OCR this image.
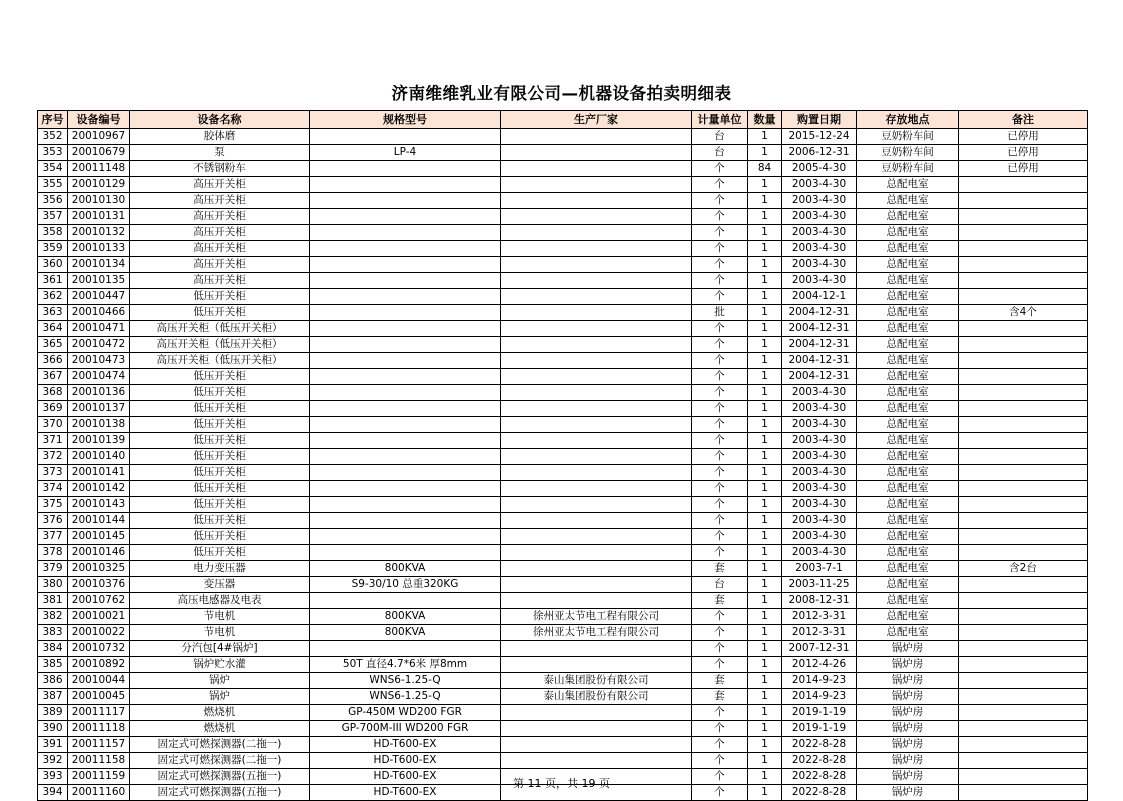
济南维维乳业有限公司—机器设备拍卖明细表
序号	设备编号	设备名称	规格型号	生产厂家	计量单位	数量	购置日期	存放地点	备注
352	20010967	胶体磨			台	1	2015-12-24	豆奶粉车间	已停用
353	20010679	泵	LP-4		台	1	2006-12-31	豆奶粉车间	已停用
354	20011148	不锈钢粉车			个	84	2005-4-30	豆奶粉车间	已停用
355	20010129	高压开关柜			个	1	2003-4-30	总配电室	
356	20010130	高压开关柜			个	1	2003-4-30	总配电室	
357	20010131	高压开关柜			个	1	2003-4-30	总配电室	
358	20010132	高压开关柜			个	1	2003-4-30	总配电室	
359	20010133	高压开关柜			个	1	2003-4-30	总配电室	
360	20010134	高压开关柜			个	1	2003-4-30	总配电室	
361	20010135	高压开关柜			个	1	2003-4-30	总配电室	
362	20010447	低压开关柜			个	1	2004-12-1	总配电室	
363	20010466	低压开关柜			批	1	2004-12-31	总配电室	含4个
364	20010471	高压开关柜（低压开关柜）			个	1	2004-12-31	总配电室	
365	20010472	高压开关柜（低压开关柜）			个	1	2004-12-31	总配电室	
366	20010473	高压开关柜（低压开关柜）			个	1	2004-12-31	总配电室	
367	20010474	低压开关柜			个	1	2004-12-31	总配电室	
368	20010136	低压开关柜			个	1	2003-4-30	总配电室	
369	20010137	低压开关柜			个	1	2003-4-30	总配电室	
370	20010138	低压开关柜			个	1	2003-4-30	总配电室	
371	20010139	低压开关柜			个	1	2003-4-30	总配电室	
372	20010140	低压开关柜			个	1	2003-4-30	总配电室	
373	20010141	低压开关柜			个	1	2003-4-30	总配电室	
374	20010142	低压开关柜			个	1	2003-4-30	总配电室	
375	20010143	低压开关柜			个	1	2003-4-30	总配电室	
376	20010144	低压开关柜			个	1	2003-4-30	总配电室	
377	20010145	低压开关柜			个	1	2003-4-30	总配电室	
378	20010146	低压开关柜			个	1	2003-4-30	总配电室	
379	20010325	电力变压器	800KVA		套	1	2003-7-1	总配电室	含2台
380	20010376	变压器	S9-30/10 总重320KG		台	1	2003-11-25	总配电室	
381	20010762	高压电感器及电表			套	1	2008-12-31	总配电室	
382	20010021	节电机	800KVA	徐州亚太节电工程有限公司	个	1	2012-3-31	总配电室	
383	20010022	节电机	800KVA	徐州亚太节电工程有限公司	个	1	2012-3-31	总配电室	
384	20010732	分汽包[4#锅炉]			个	1	2007-12-31	锅炉房	
385	20010892	锅炉贮水灌	50T 直径4.7*6米 厚8mm		个	1	2012-4-26	锅炉房	
386	20010044	锅炉	WNS6-1.25-Q	泰山集团股份有限公司	套	1	2014-9-23	锅炉房	
387	20010045	锅炉	WNS6-1.25-Q	泰山集团股份有限公司	套	1	2014-9-23	锅炉房	
389	20011117	燃烧机	GP-450M WD200 FGR		个	1	2019-1-19	锅炉房	
390	20011118	燃烧机	GP-700M-III WD200 FGR		个	1	2019-1-19	锅炉房	
391	20011157	固定式可燃探测器(二拖一)	HD-T600-EX		个	1	2022-8-28	锅炉房	
392	20011158	固定式可燃探测器(二拖一)	HD-T600-EX		个	1	2022-8-28	锅炉房	
393	20011159	固定式可燃探测器(五拖一)	HD-T600-EX		个	1	2022-8-28	锅炉房	
394	20011160	固定式可燃探测器(五拖一)	HD-T600-EX		个	1	2022-8-28	锅炉房	
第 11 页，共 19 页
